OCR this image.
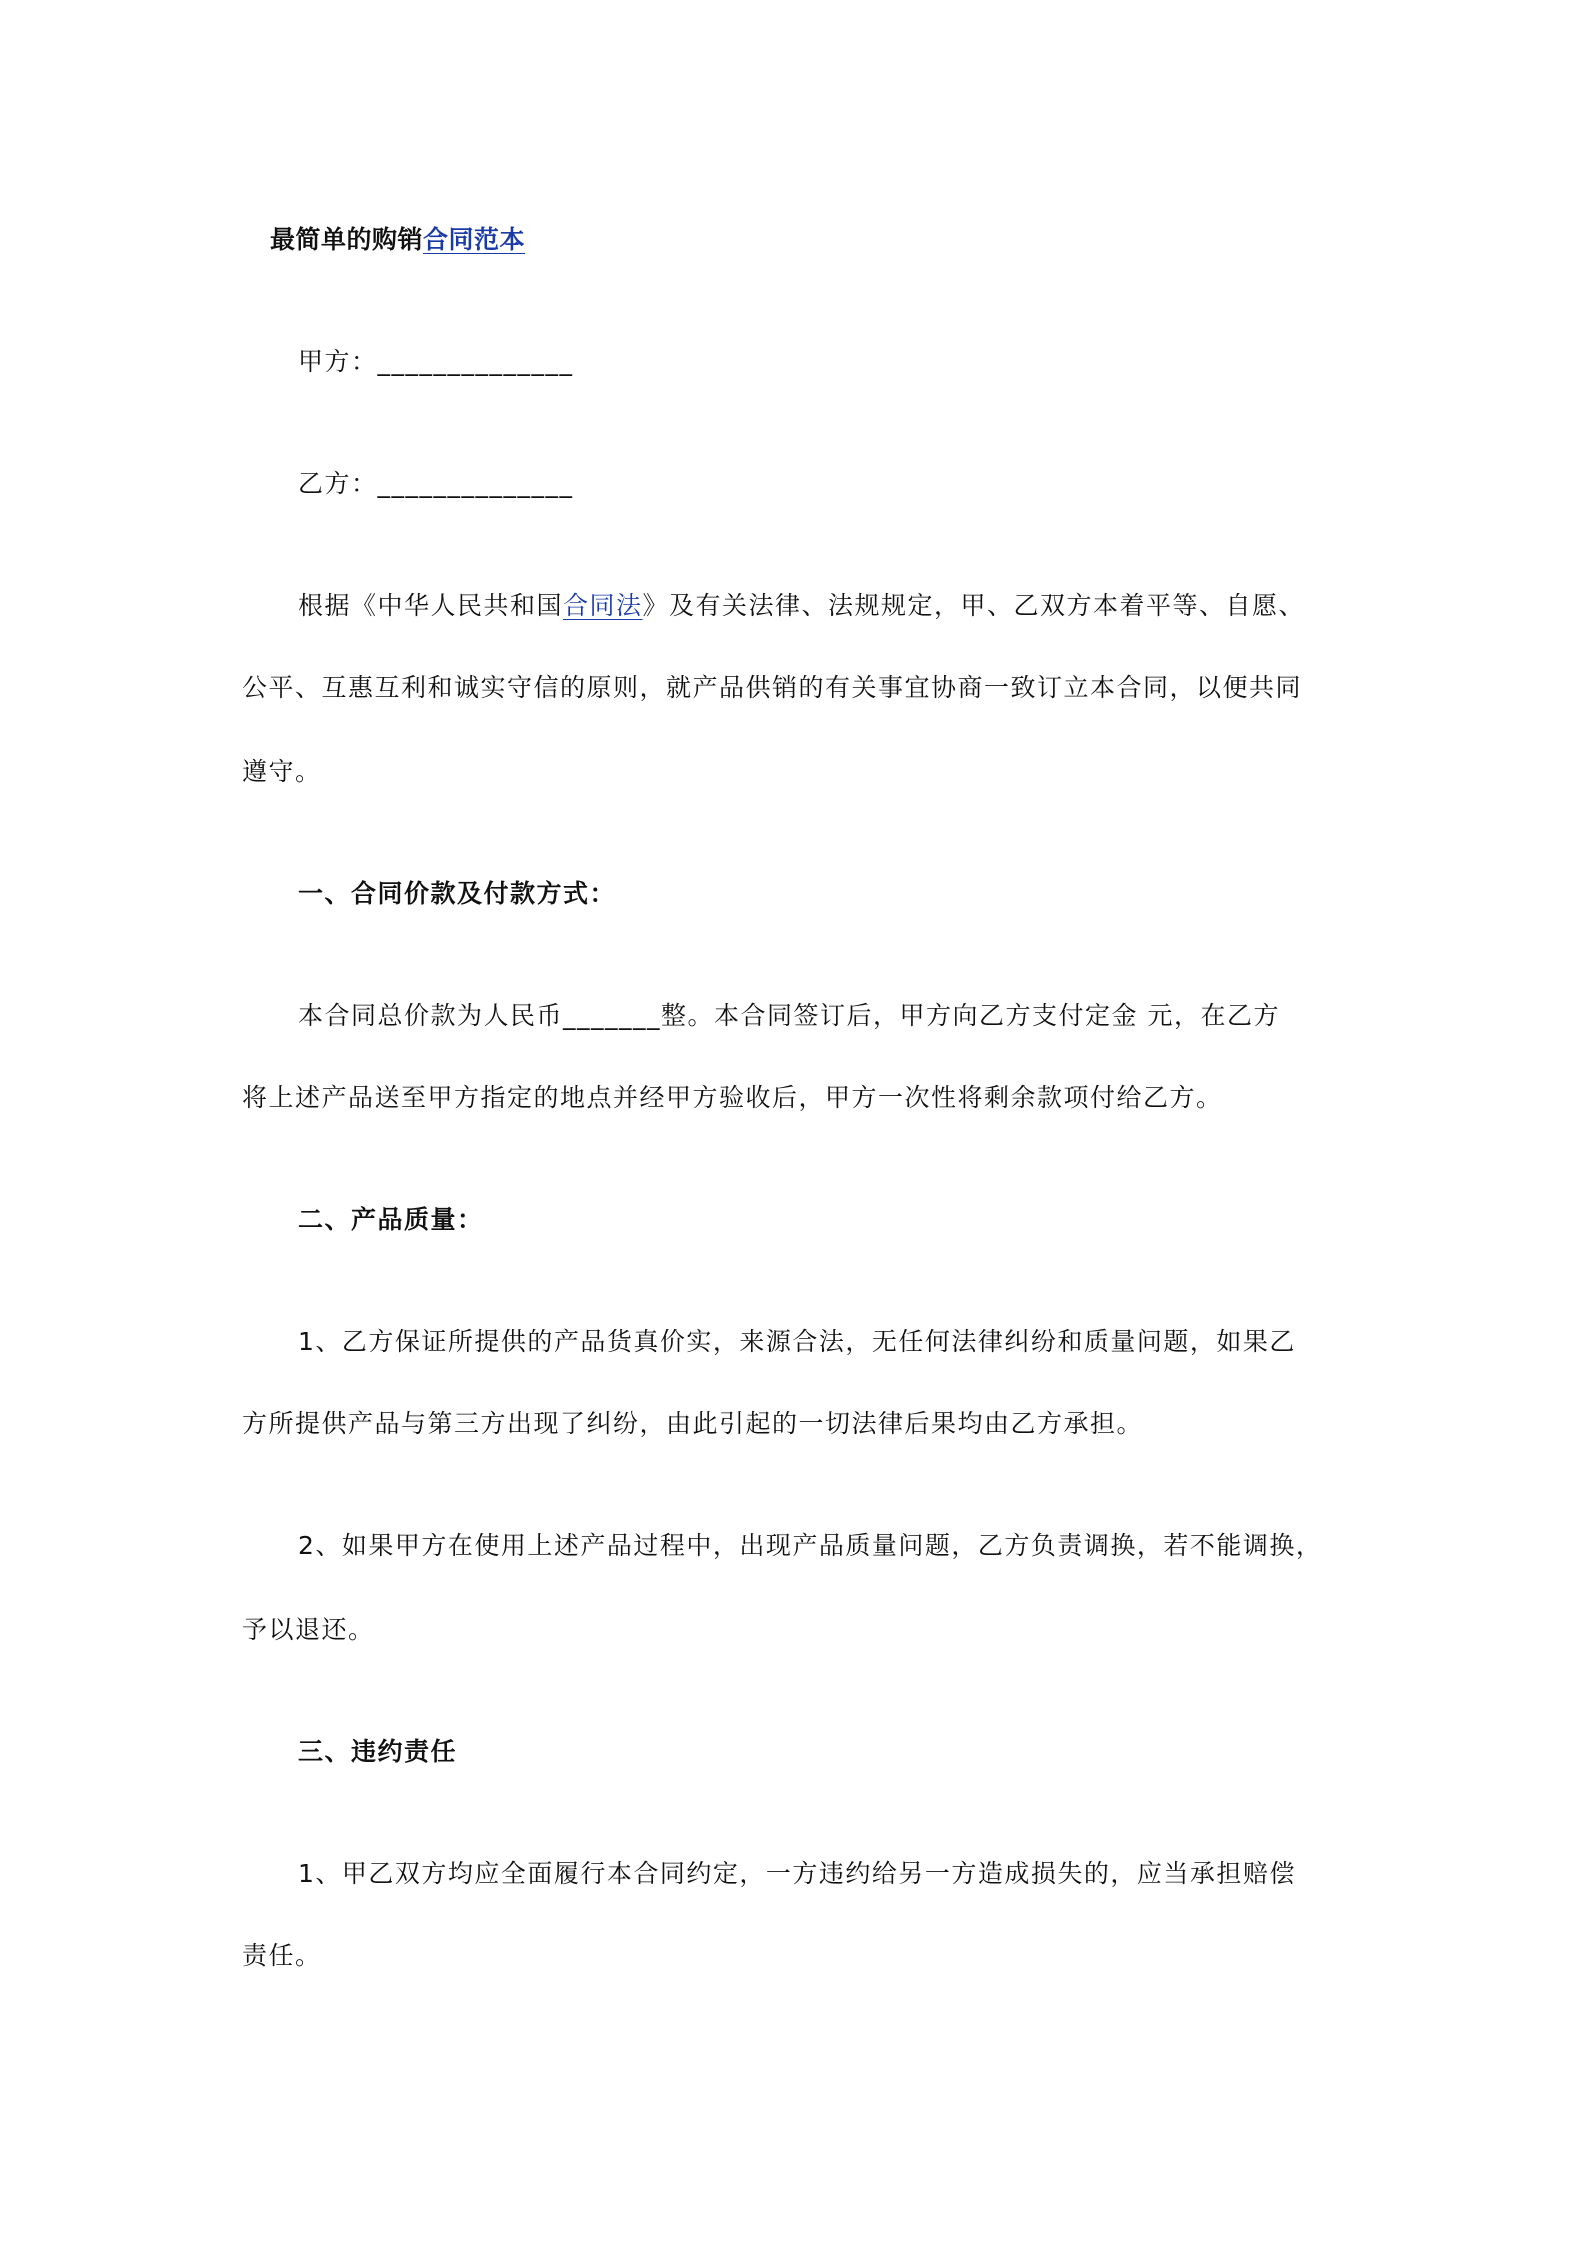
最简单的购销合同范本
甲方：______________
乙方：______________
根据《中华人民共和国合同法》及有关法律、法规规定，甲、乙双方本着平等、自愿、
公平、互惠互利和诚实守信的原则，就产品供销的有关事宜协商一致订立本合同，以便共同
遵守。
一、合同价款及付款方式：
本合同总价款为人民币_______整。本合同签订后，甲方向乙方支付定金 元，在乙方
将上述产品送至甲方指定的地点并经甲方验收后，甲方一次性将剩余款项付给乙方。
二、产品质量：
1、乙方保证所提供的产品货真价实，来源合法，无任何法律纠纷和质量问题，如果乙
方所提供产品与第三方出现了纠纷，由此引起的一切法律后果均由乙方承担。
2、如果甲方在使用上述产品过程中，出现产品质量问题，乙方负责调换，若不能调换，
予以退还。
三、违约责任
1、甲乙双方均应全面履行本合同约定，一方违约给另一方造成损失的，应当承担赔偿
责任。
